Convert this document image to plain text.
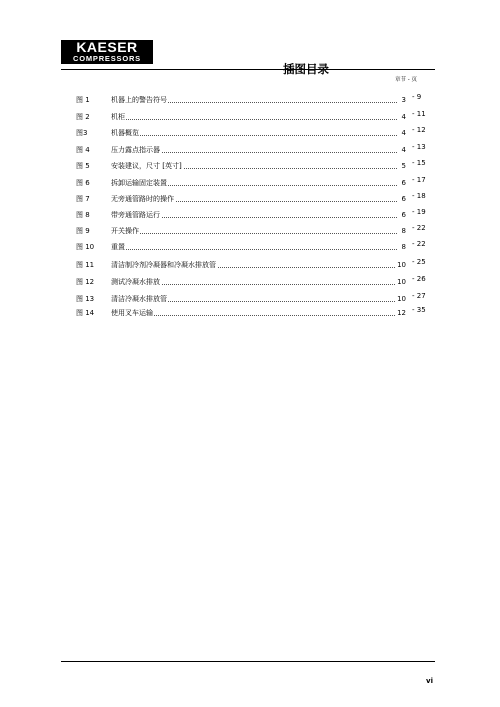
KAESER
COMPRESSORS
插图目录
章节 - 页
图 1	机器上的警告符号	3 - 9
图 2	机柜	4 - 11
图3	机器概览	4 - 12
图 4	压力露点指示器	4 - 13
图 5	安装建议，尺寸 [英寸]	5 - 15
图 6	拆卸运输固定装置	6 - 17
图 7	无旁通管路时的操作	6 - 18
图 8	带旁通管路运行	6 - 19
图 9	开关操作	8 - 22
图 10 重置	8 - 22
图 11 清洁制冷剂冷凝器和冷凝水排放管	10 - 25
图 12 测试冷凝水排放	10 - 26
图 13 清洁冷凝水排放管	10 - 27
图 14 使用叉车运输	12 - 35
vi
